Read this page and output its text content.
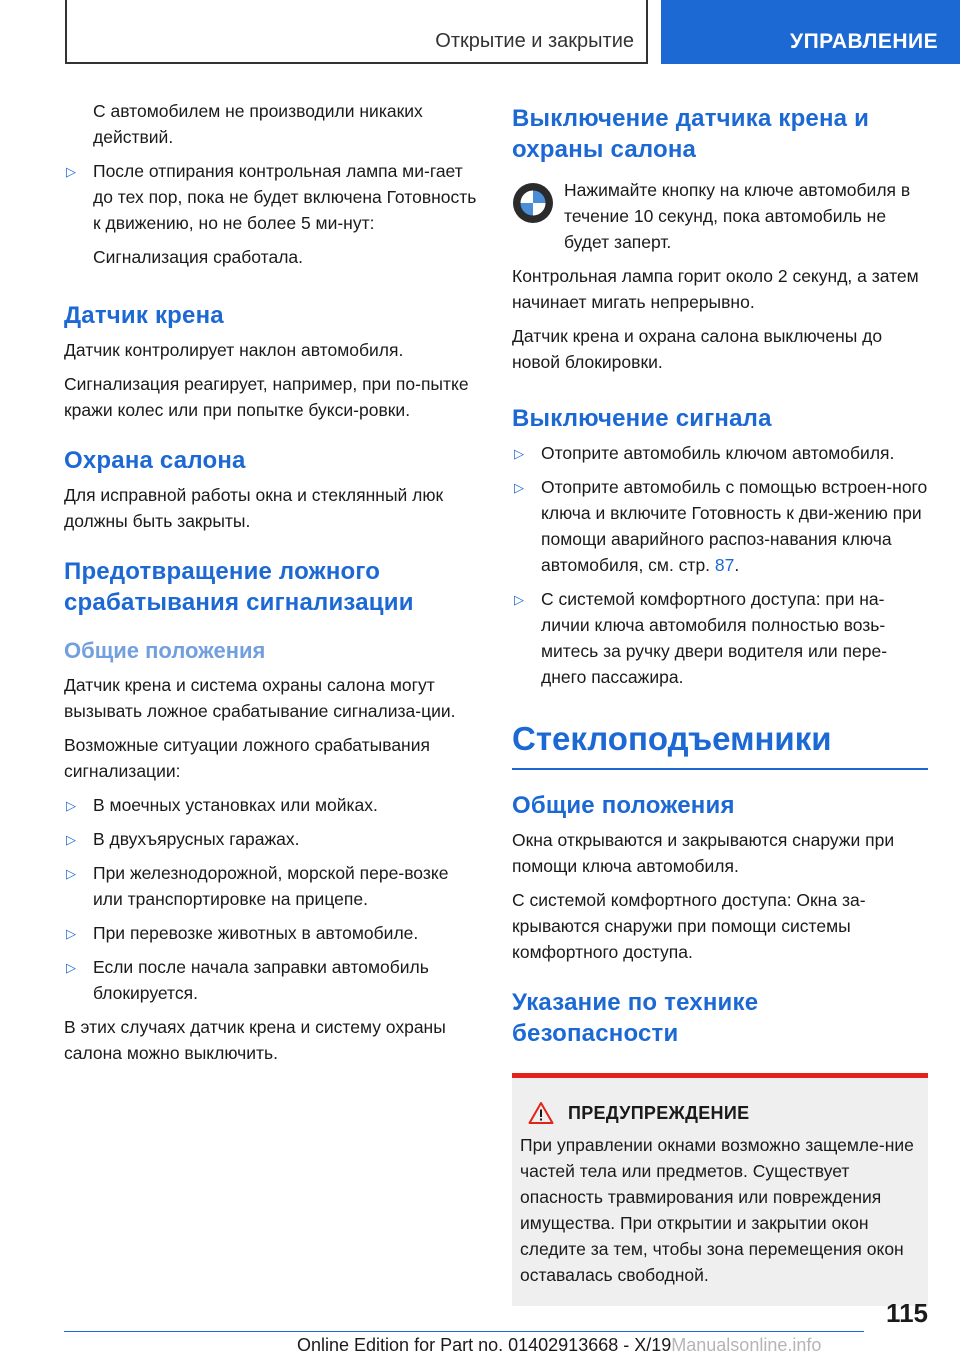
Открытие и закрытие	УПРАВЛЕНИЕ

С автомобилем не производили никаких действий.

▷ После отпирания контрольная лампа ми-гает до тех пор, пока не будет включена Готовность к движению, но не более 5 ми-нут:

Сигнализация сработала.

Датчик крена

Датчик контролирует наклон автомобиля.

Сигнализация реагирует, например, при по-пытке кражи колес или при попытке букси-ровки.

Охрана салона

Для исправной работы окна и стеклянный люк должны быть закрыты.

Предотвращение ложного срабатывания сигнализации
Общие положения

Датчик крена и система охраны салона могут вызывать ложное срабатывание сигнализа-ции.

Возможные ситуации ложного срабатывания сигнализации:

▷ В моечных установках или мойках.
▷ В двухъярусных гаражах.
▷ При железнодорожной, морской пере-возке или транспортировке на прицепе.
▷ При перевозке животных в автомобиле.
▷ Если после начала заправки автомобиль блокируется.

В этих случаях датчик крена и систему охраны салона можно выключить.

Выключение датчика крена и охраны салона

Нажимайте кнопку на ключе автомобиля в течение 10 секунд, пока автомобиль не будет заперт.

Контрольная лампа горит около 2 секунд, а затем начинает мигать непрерывно.

Датчик крена и охрана салона выключены до новой блокировки.

Выключение сигнала
▷ Отоприте автомобиль ключом автомобиля.
▷ Отоприте автомобиль с помощью встроен-ного ключа и включите Готовность к дви-жению при помощи аварийного распоз-навания ключа автомобиля, см. стр. 87.
▷ С системой комфортного доступа: при на-личии ключа автомобиля полностью возь-митесь за ручку двери водителя или пере-днего пассажира.
Стеклоподъемники
Общие положения

Окна открываются и закрываются снаружи при помощи ключа автомобиля.

С системой комфортного доступа: Окна за-крываются снаружи при помощи системы комфортного доступа.

Указание по технике безопасности
ПРЕДУПРЕЖДЕНИЕ

При управлении окнами возможно защемле-ние частей тела или предметов. Существует опасность травмирования или повреждения имущества. При открытии и закрытии окон следите за тем, чтобы зона перемещения окон оставалась свободной.

115
Online Edition for Part no. 01402913668 - X/19Manualsonline.info
